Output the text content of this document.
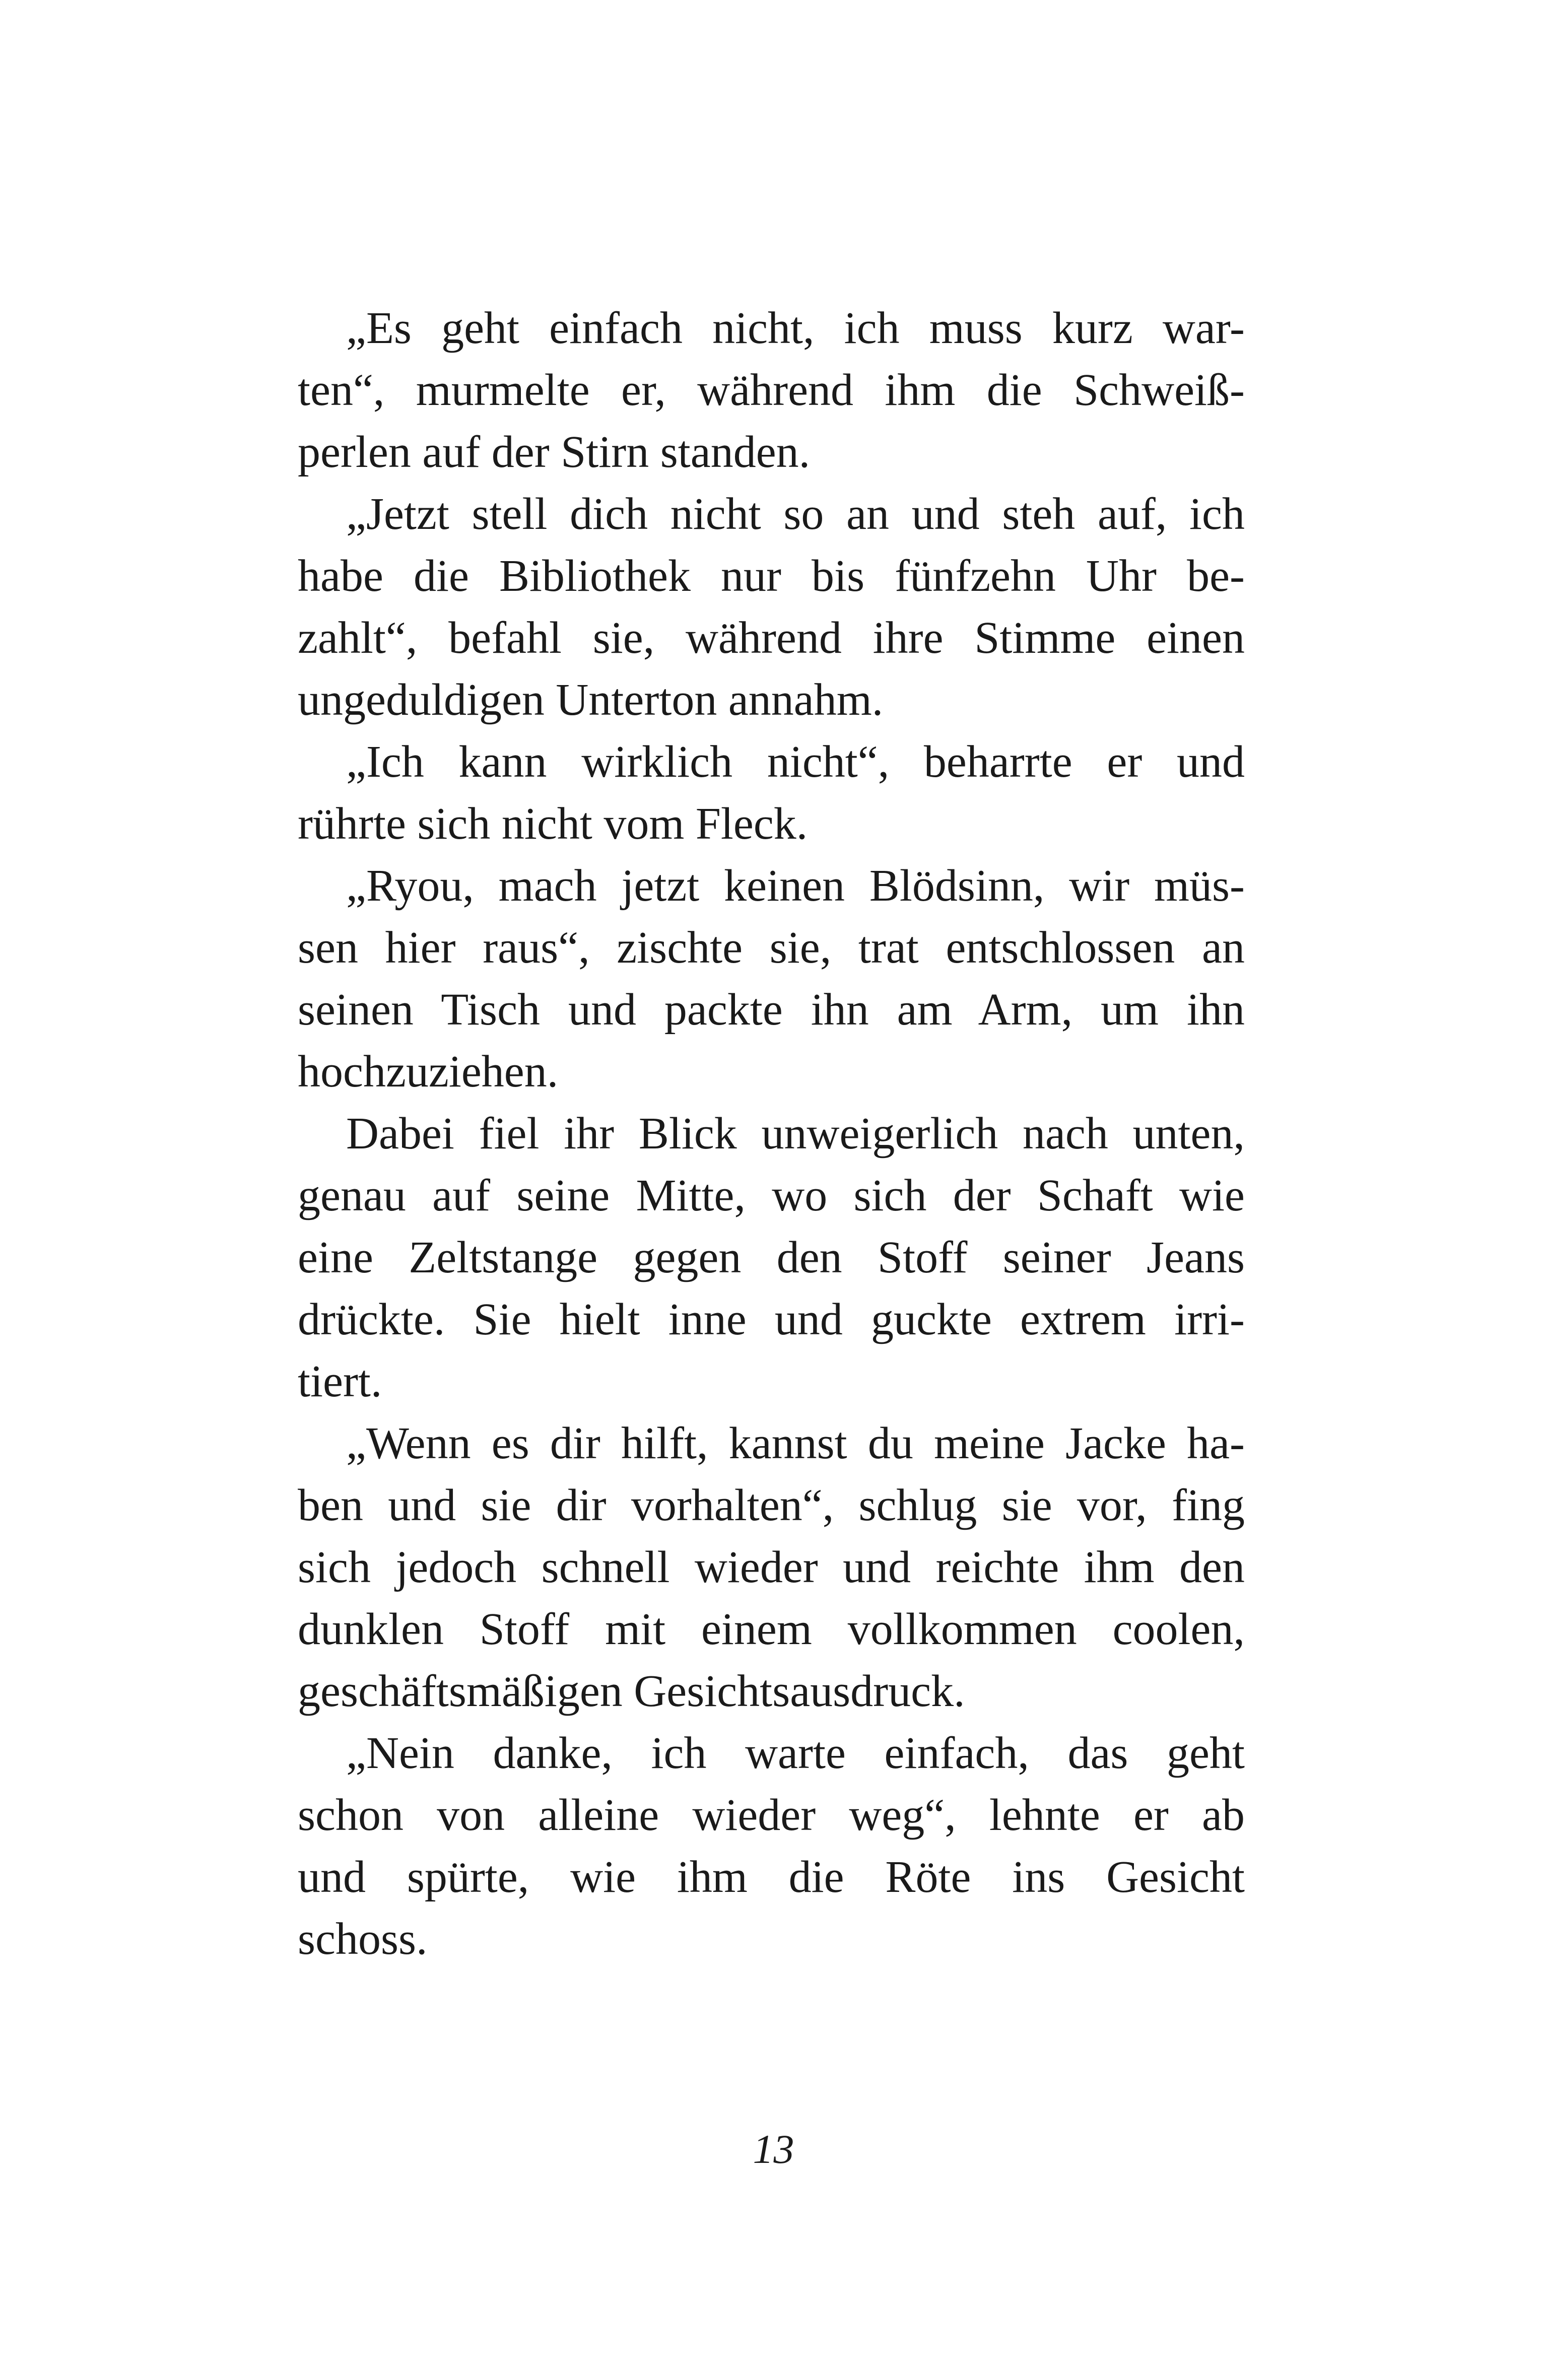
„Es geht einfach nicht, ich muss kurz war-
ten“, murmelte er, während ihm die Schweiß-
perlen auf der Stirn standen.
„Jetzt stell dich nicht so an und steh auf, ich
habe die Bibliothek nur bis fünfzehn Uhr be-
zahlt“, befahl sie, während ihre Stimme einen
ungeduldigen Unterton annahm.
„Ich kann wirklich nicht“, beharrte er und
rührte sich nicht vom Fleck.
„Ryou, mach jetzt keinen Blödsinn, wir müs-
sen hier raus“, zischte sie, trat entschlossen an
seinen Tisch und packte ihn am Arm, um ihn
hochzuziehen.
Dabei fiel ihr Blick unweigerlich nach unten,
genau auf seine Mitte, wo sich der Schaft wie
eine Zeltstange gegen den Stoff seiner Jeans
drückte. Sie hielt inne und guckte extrem irri-
tiert.
„Wenn es dir hilft, kannst du meine Jacke ha-
ben und sie dir vorhalten“, schlug sie vor, fing
sich jedoch schnell wieder und reichte ihm den
dunklen Stoff mit einem vollkommen coolen,
geschäftsmäßigen Gesichtsausdruck.
„Nein danke, ich warte einfach, das geht
schon von alleine wieder weg“, lehnte er ab
und spürte, wie ihm die Röte ins Gesicht
schoss.
13
